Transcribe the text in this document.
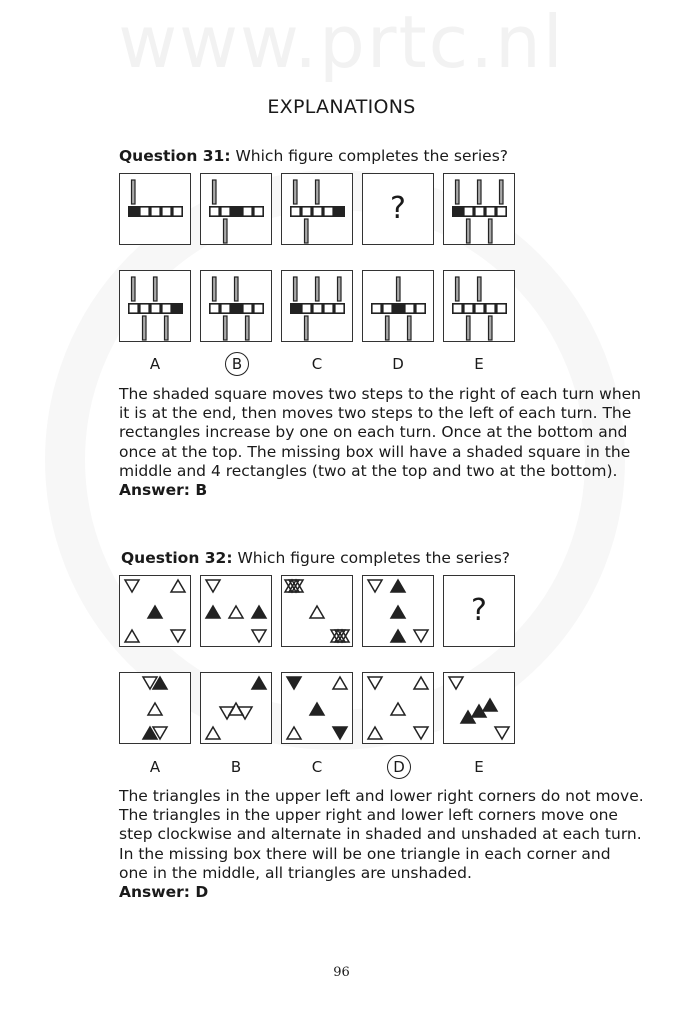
www.prtc.nl
EXPLANATIONS
Question 31: Which figure completes the series?
?
A	B	C	D	E
The shaded square moves two steps to the right of each turn when it is at the end, then moves two steps to the left of each turn. The rectangles increase by one on each turn. Once at the bottom and once at the top. The missing box will have a shaded square in the middle and 4 rectangles (two at the top and two at the bottom).
Answer: B
Question 32: Which figure completes the series?
?
A	B	C	D	E
The triangles in the upper left and lower right corners do not move. The triangles in the upper right and lower left corners move one step clockwise and alternate in shaded and unshaded at each turn. In the missing box there will be one triangle in each corner and one in the middle, all triangles are unshaded.
Answer: D
96
